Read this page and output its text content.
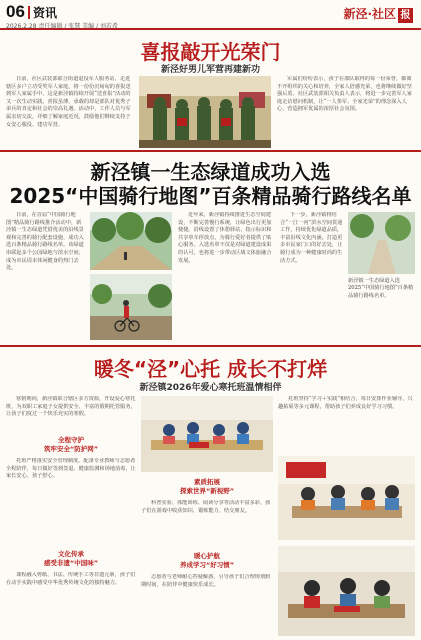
06 资讯
2026.2.28 责任编辑 / 张慧 美编 / 刘若希
新泾·社区 报
喜报敲开光荣门
新泾好男儿军营再建新功

日前，社区武装部联合街道退役军人服务站，走进辖区多户立功受奖军人家庭，将一份份沉甸甸的喜报送到军人家属手中。这是新泾镇持续开展“送喜报”活动的又一次生动实践。喜报虽薄，承载的却是部队对优秀子弟兵的肯定和社会的崇高礼遇。活动中，工作人员与军属亲切交流，详细了解家庭近况，鼓励他们继续支持子女安心服役、建功军营。

军属们纷纷表示，孩子在部队取得的每一份荣誉，都离不开组织的关心和培养，全家人倍感光荣，也将继续做好坚强后盾。社区武装部相关负责人表示，将进一步完善军人家庭走访慰问机制，让“一人参军、全家光荣”的理念深入人心，营造拥军优属的浓厚社会氛围。

新泾镇一生态绿道成功入选
2025“中国骑行地图”百条精品骑行路线名单

日前，在首届“中国骑行地图”精品骑行路线推介活动中，新泾镇一生态绿道凭借优美的沿线景观和完善的骑行配套设施，成功入选百条精品骑行路线名单。该绿道串联起多个公园绿地与滨水空间，成为市民周末休闲健身的热门去处。

近年来，新泾镇持续推进生态空间建设，不断完善慢行系统，让绿色出行更加便捷。沿线设置了休憩驿站、指示标识和共享单车停放点，为骑行爱好者提供了贴心服务。入选名单不仅是对绿道建设成果的认可，也将进一步带动区域文体旅融合发展。

下一步，新泾镇将结合“一江一河”滨水空间贯通工作，持续优化绿道品质，丰富沿线文化内涵，打造更多市民家门口的好去处，让骑行成为一种健康时尚的生活方式。

新泾镇一生态绿道入选2025“中国骑行地图”百条精品骑行路线名单。
暖冬“泾”心托 成长不打烊
新泾镇2026年爱心寒托班温情相伴

寒假期间，新泾镇联合辖区多方资源，开设爱心寒托班，为双职工家庭子女提供安全、丰富的假期托管服务，让孩子们度过一个快乐充实的寒假。

全程守护
筑牢安全“防护网”

托班严格落实安全管理制度，配备专业教师与志愿者全程陪伴，每日做好签到签退、健康监测和场地消毒，让家长安心、孩子舒心。

文化传承
感受非遗“中国味”

课程融入剪纸、书法、传统手工等非遗元素，孩子们在动手实践中感受中华优秀传统文化的独特魅力。

素质拓展
探索世界“新视野”

科普实验、体能训练、阅读分享等活动丰富多彩，孩子们在游戏中收获知识、锻炼能力、结交朋友。

暖心护航
养成学习“好习惯”

志愿者与老师耐心答疑解惑，引导孩子们合理规划假期时间，在陪伴中健康快乐成长。

托班坚持“学习＋实践”相结合，每日安排作业辅导、兴趣拓展等多元课程，帮助孩子们养成良好学习习惯。
